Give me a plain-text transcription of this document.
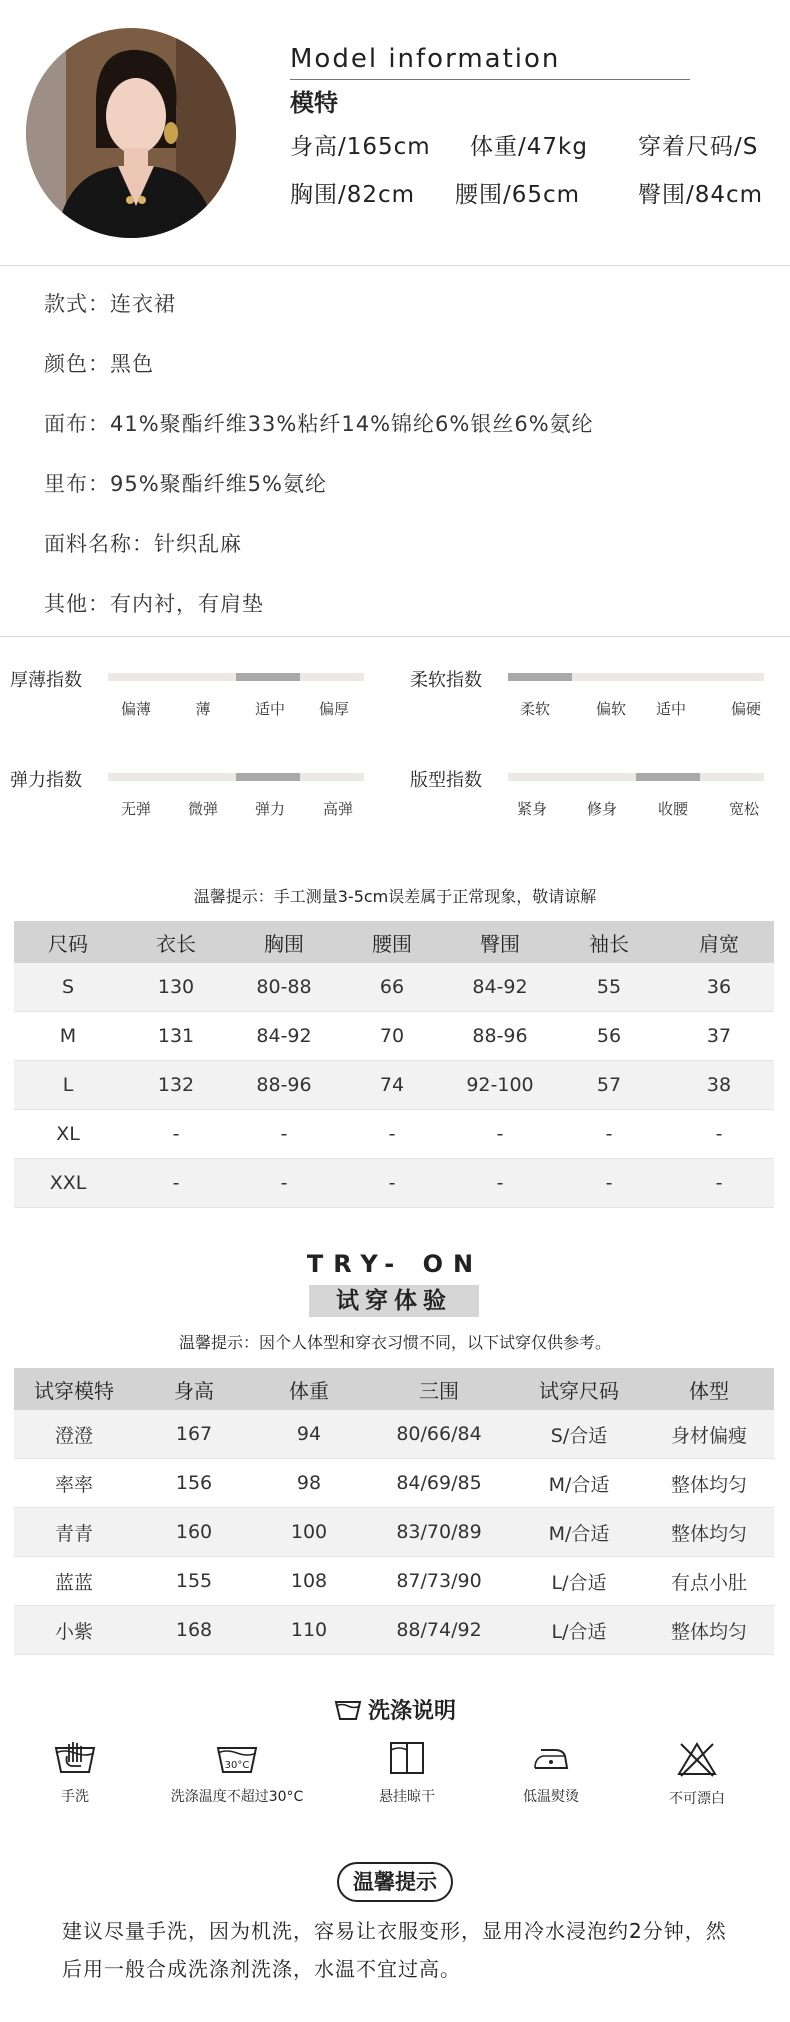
Model information
模特
身高/165cm	体重/47kg	穿着尺码/S
胸围/82cm	腰围/65cm	臀围/84cm
款式：连衣裙
颜色：黑色
面布：41%聚酯纤维33%粘纤14%锦纶6%银丝6%氨纶
里布：95%聚酯纤维5%氨纶
面料名称：针织乱麻
其他：有内衬，有肩垫
厚薄指数
偏薄	薄	适中	偏厚
柔软指数
柔软	偏软	适中	偏硬
弹力指数
无弹	微弹	弹力	高弹
版型指数
紧身	修身	收腰	宽松
温馨提示：手工测量3-5cm误差属于正常现象，敬请谅解
尺码	衣长	胸围	腰围	臀围	袖长	肩宽
S	130	80-88	66	84-92	55	36
M	131	84-92	70	88-96	56	37
L	132	88-96	74	92-100	57	38
XL	-	-	-	-	-	-
XXL	-	-	-	-	-	-
TRY- ON
试穿体验
温馨提示：因个人体型和穿衣习惯不同，以下试穿仅供参考。
试穿模特	身高	体重	三围	试穿尺码	体型
澄澄	167	94	80/66/84	S/合适	身材偏瘦
率率	156	98	84/69/85	M/合适	整体均匀
青青	160	100	83/70/89	M/合适	整体均匀
蓝蓝	155	108	87/73/90	L/合适	有点小肚
小紫	168	110	88/74/92	L/合适	整体均匀
洗涤说明
手洗
30°C
洗涤温度不超过30°C	悬挂晾干	低温熨烫	不可漂白
温馨提示
建议尽量手洗，因为机洗，容易让衣服变形，显用冷水浸泡约2分钟，然后用一般合成洗涤剂洗涤，水温不宜过高。
